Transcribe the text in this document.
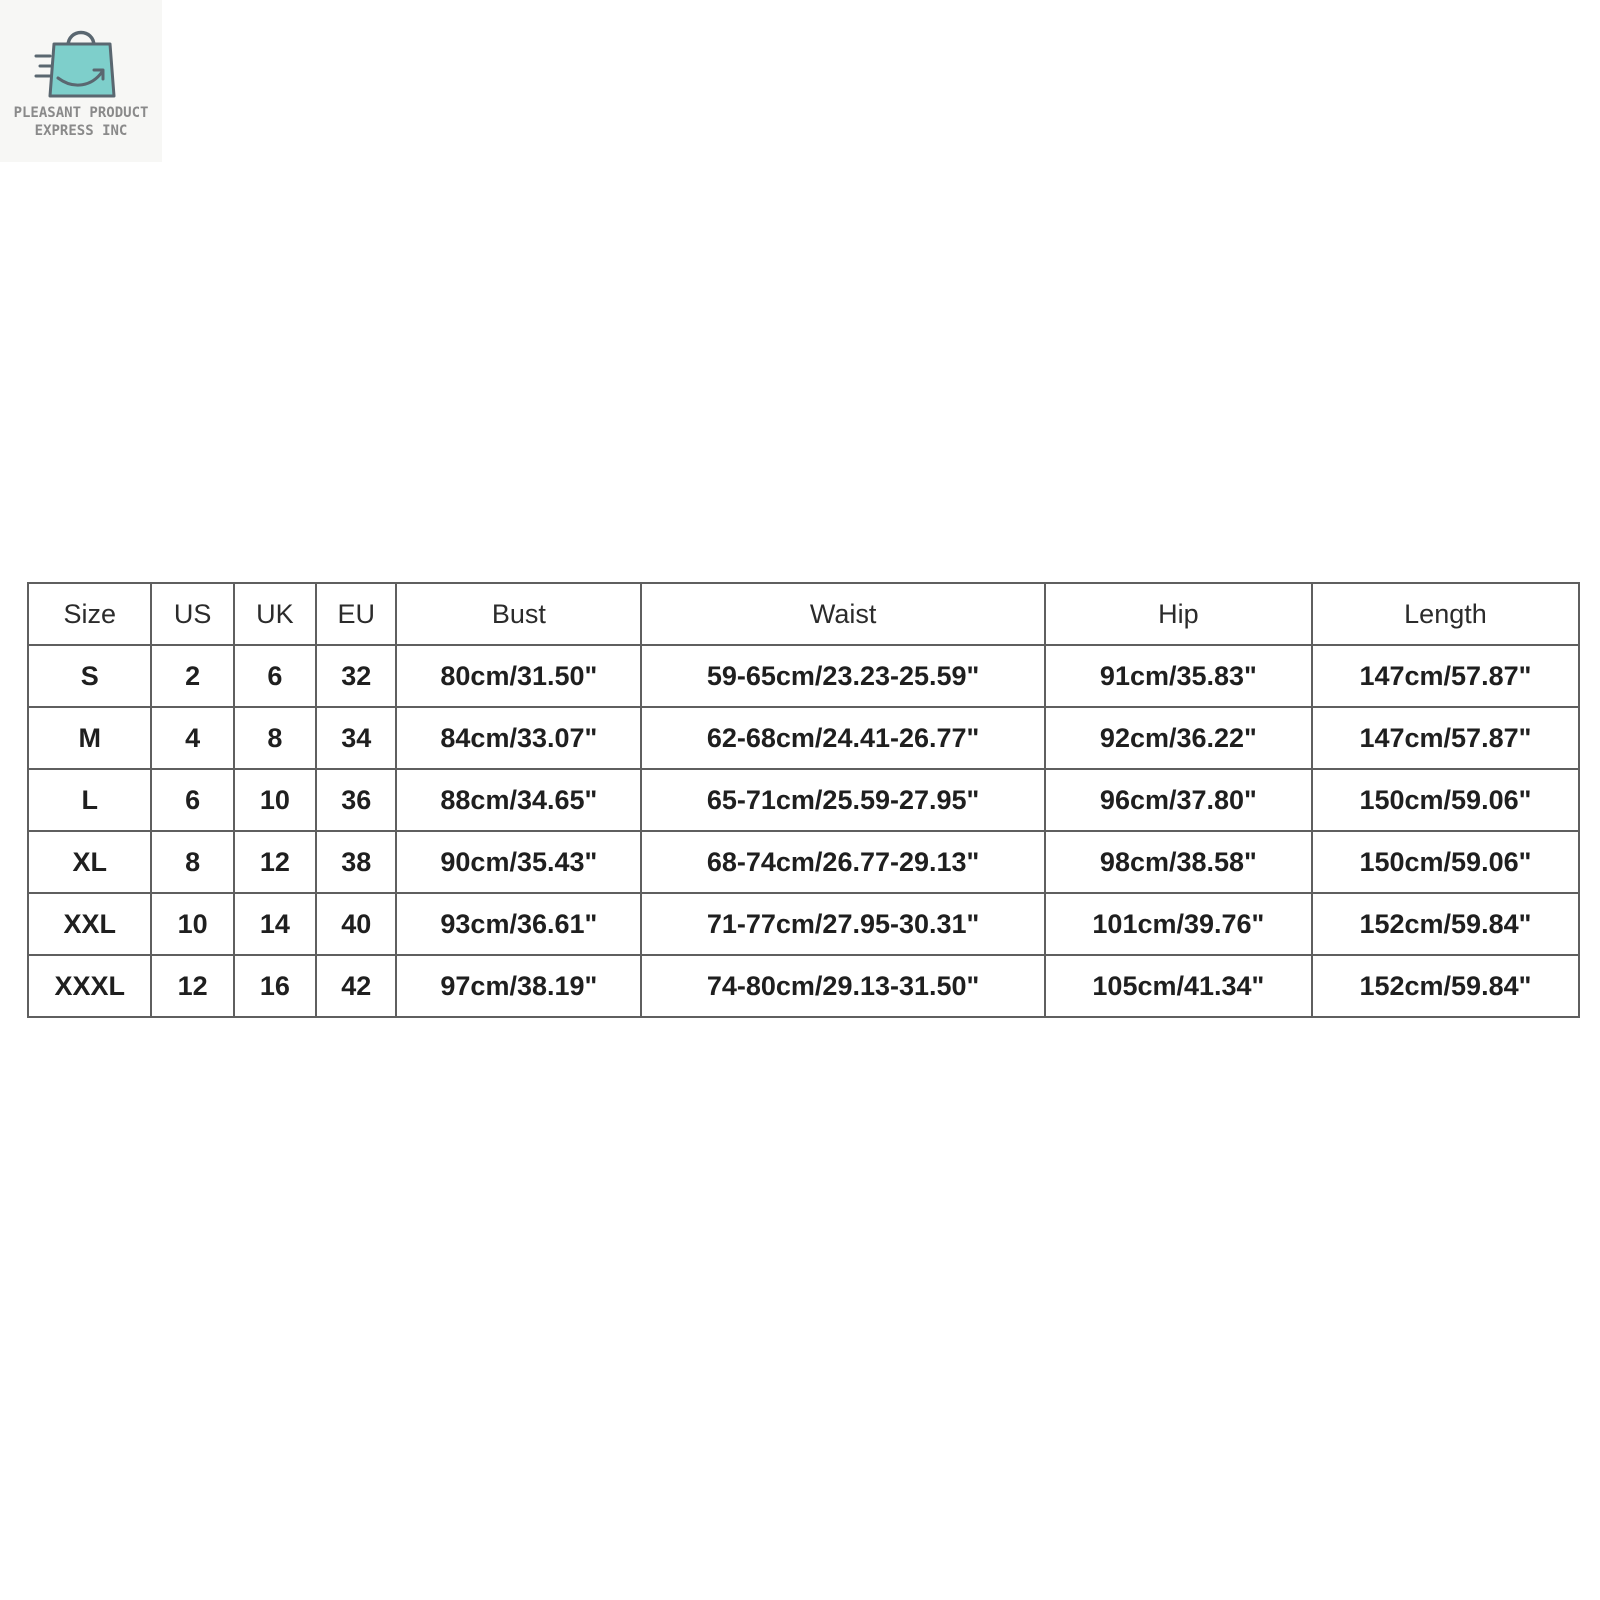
PLEASANT PRODUCT
EXPRESS INC
Size	US	UK	EU	Bust	Waist	Hip	Length
S	2	6	32	80cm/31.50"	59-65cm/23.23-25.59"	91cm/35.83"	147cm/57.87"
M	4	8	34	84cm/33.07"	62-68cm/24.41-26.77"	92cm/36.22"	147cm/57.87"
L	6	10	36	88cm/34.65"	65-71cm/25.59-27.95"	96cm/37.80"	150cm/59.06"
XL	8	12	38	90cm/35.43"	68-74cm/26.77-29.13"	98cm/38.58"	150cm/59.06"
XXL	10	14	40	93cm/36.61"	71-77cm/27.95-30.31"	101cm/39.76"	152cm/59.84"
XXXL	12	16	42	97cm/38.19"	74-80cm/29.13-31.50"	105cm/41.34"	152cm/59.84"
